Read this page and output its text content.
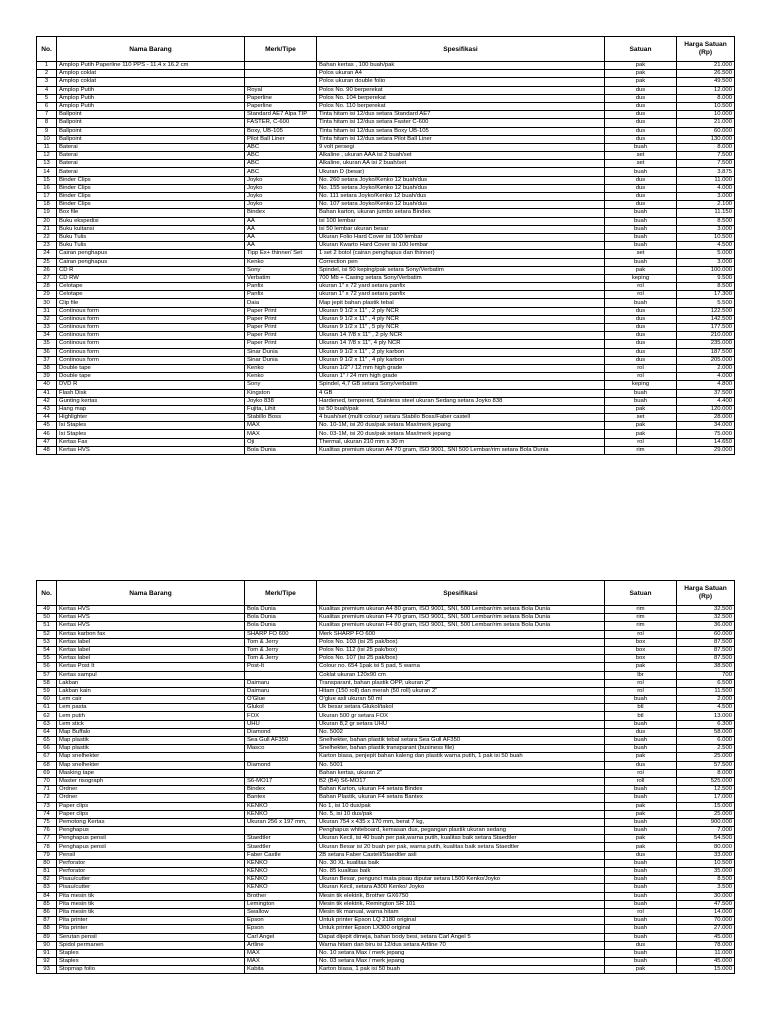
No.	Nama Barang	Merk/Tipe	Spesifikasi	Satuan	Harga Satuan (Rp)
1	Amplop Putih Paperline 110 PPS - 11.4 x 16.2 cm		Bahan kertas , 100 buah/pak	pak	21.000
2	Amplop coklat		Polos ukuran A4	pak	26.500
3	Amplop coklat		Polos ukuran double folio	pak	49.500
4	Amplop Putih	Royal	Polos No. 90 berperekat	dus	12.000
5	Amplop Putih	Paperline	Polos No. 104 berperekat	dus	8.000
6	Amplop Putih	Paperline	Polos No. 110 berperekat	dus	10.500
7	Ballpoint	Standard AE7 Alpa TIP	Tinta hitam isi 12/dus setara Standard AE7	dus	10.000
8	Ballpoint	FASTER, C-600	Tinta hitam isi 12/dus setara Faster C-600	dus	21.000
9	Ballpoint	Boxy, UB-105	Tinta hitam isi 12/dus setara Boxy UB-105	dus	60.000
10	Ballpoint	Pilot Ball Liner	Tinta hitam isi 12/dus setara Pilot Ball Liner	dus	130.000
11	Baterai	ABC	9 volt persegi	buah	8.000
12	Baterai	ABC	Alkaline , ukuran AAA isi 2 buah/set	set	7.500
13	Baterai	ABC	Alkaline, ukuran AA isi 2 buah/set	set	7.500
14	Baterai	ABC	Ukuran D (besar)	buah	3.875
15	Binder Clips	Joyko	No. 260 setara Joyko/Kenko 12 buah/dus	dus	11.000
16	Binder Clips	Joyko	No. 155 setara Joyko/Kenko 12 buah/dus	dus	4.000
17	Binder Clips	Joyko	No. 111 setara Joyko/Kenko 12 buah/dus	dus	3.000
18	Binder Clips	Joyko	No. 107 setara Joyko/Kenko 12 buah/dus	dus	2.100
19	Box file	Bindex	Bahan karton, ukuran jumbo setara Bindex	buah	11.150
20	Buku ekspedisi	AA	isi 100 lembar	buah	8.500
21	Buku kuitansi	AA	isi 50 lembar ukuran besar	buah	3.000
22	Buku Tulis	AA	Ukuran Folio Hard Cover isi 100 lembar	buah	10.500
23	Buku Tulis	AA	Ukuran Kwarto Hard Cover isi 100 lembar	buah	4.500
24	Cairan penghapus	Tipp Ex+ thinner/ Set	1 set 2 botol (cairan penghapus dan thinner)	set	5.000
25	Cairan penghapus	Kenko	Correction pen	buah	3.000
26	CD R	Sony	Spindel, isi 50 keping/pak setara Sony/Verbatim	pak	100.000
27	CD RW	Verbatim	700 Mb + Casing setara Sony/Verbatim	keping	9.500
28	Celotape	Panfix	ukuran 1" x 72 yard setara panfix	rol	8.500
29	Celotape	Panfix	ukuran 1" x 72 yard setara panfix	rol	17.300
30	Clip file	Daia	Map jepit bahan plastik tebal	buah	5.500
31	Continous form	Paper Print	Ukuran 9 1/2 x 11" , 2 ply NCR	dus	122.500
32	Continous form	Paper Print	Ukuran 9 1/2 x 11" , 4 ply NCR	dus	142.500
33	Continous form	Paper Print	Ukuran 9 1/2 x 11" , 5 ply NCR	dus	177.500
34	Continous form	Paper Print	Ukuran 14 7/8 x 11" , 2 ply NCR	dus	210.000
35	Continous form	Paper Print	Ukuran 14 7/8 x 11", 4 ply NCR	dus	235.000
36	Continous form	Sinar Dunia	Ukuran 9 1/2 x 11" , 2 ply karbon	dus	187.500
37	Continous form	Sinar Dunia	Ukuran 9 1/2 x 11" , 4 ply karbon	dus	205.000
38	Double tape	Kenko	Ukuran 1/2" / 12 mm high grade	rol	2.000
39	Double tape	Kenko	Ukuran 1" / 24 mm high grade	rol	4.000
40	DVD R	Sony	Spindel, 4,7 GB setara Sony/verbatim	keping	4.800
41	Flash Disk	Kingston	4 GB	buah	37.500
42	Gunting kertas	Joyko 838	Hardened, tempered, Stainless steel ukuran Sedang setara Joyko 838	buah	4.400
43	Hang map	Fujita, Lihit	isi 50 buah/pak	pak	120.000
44	Highlighter	Stabillo Boss	4 buah/set (multi colour) setara Stabilo Boss/Faber castell	set	28.000
45	Isi Staples	MAX	No. 10-1M, isi 20 dus/pak setara Max/merk jepang	pak	34.000
46	Isi Staples	MAX	No. 03-1M, isi 20 dus/pak setara Max/merk jepang	pak	75.000
47	Kertas Fax	Oji	Thermal, ukuran 210 mm x 30 m	rol	14.650
48	Kertas HVS	Bola Dunia	Kualitas premium ukuran A4 70 gram, ISO 9001, SNI 500 Lembar/rim setara Bola Dunia	rim	29.000
No.	Nama Barang	Merk/Tipe	Spesifikasi	Satuan	Harga Satuan (Rp)
49	Kertas HVS	Bola Dunia	Kualitas premium ukuran A4 80 gram, ISO 9001, SNI, 500 Lembar/rim setara Bola Dunia	rim	32.500
50	Kertas HVS	Bola Dunia	Kualitas premium ukuran F4 70 gram, ISO 9001, SNI, 500 Lembar/rim setara Bola Dunia	rim	32.500
51	Kertas HVS	Bola Dunia	Kualitas premium ukuran F4 80 gram, ISO 9001, SNI, 500 Lembar/rim setara Bola Dunia	rim	36.000
52	Kertas karbon fax	SHARP FO 600	Merk SHARP FO 600	rol	60.000
53	Kertas label	Tom & Jerry	Polos No. 103 (isi 25 pak/box)	box	87.500
54	Kertas label	Tom & Jerry	Polos No. 112 (isi 25 pak/box)	box	87.500
55	Kertas label	Tom & Jerry	Polos No. 107 (isi 25 pak/box)	box	87.500
56	Kertas Post It	Post-It	Colour no. 654 1pak isi 5 pad, 5 warna	pak	38.500
57	Kertas sampul		Coklat ukuran 120x90 cm	lbr	700
58	Lakban	Daimaru	Transparant, bahan plastik OPP, ukuran 2"	rol	6.500
59	Lakban kain	Daimaru	Hitam (150 roll) dan merah (50 roll) ukuran 2"	rol	11.500
60	Lem cair	O'Glue	O'glue asli ukuran 50 ml	buah	2.000
61	Lem pasta	Glukol	Uk besar setara Glukol/takol	btl	4.500
62	Lem putih	FOX	Ukuran 500 gr setara FOX	btl	13.000
63	Lem stick	UHU	Ukuran 8,2 gr setara UHU	buah	6.300
64	Map Buffalo	Diamond	No. 5002	dus	58.000
65	Map plastik	Sea Gull AF350	Snelhekter, bahan plastik tebal setara Sea Gull AF350	buah	6.000
66	Map plastik	Masco	Snelhekter, bahan plastik transparant (business file)	buah	2.500
67	Map snelhekter		Karton biasa, penjepit bahan kaleng dan plastik warna putih, 1 pak isi 50 buah	pak	25.000
68	Map snelhekter	Diamond	No. 5001	dus	57.500
69	Masking tape		Bahan kertas, ukuran 2"	rol	8.000
70	Master risograph	S6-MO17	B2 (B4) S6-MO17	roll	525.000
71	Ordner	Bindex	Bahan Karton, ukuran F4 setara Bindex	buah	12.500
72	Ordner	Bantex	Bahan Plastik, ukuran F4 setara Bantex	buah	17.000
73	Paper clips	KENKO	No 1, isi 10 dus/pak	pak	15.000
74	Paper clips	KENKO	No. 5, isi 10 dus/pak	pak	25.000
75	Pemotong Kertas	Ukuran 256 x 197 mm,	Ukuran 754 x 435 x 170 mm, berat 7 kg,	buah	900.000
76	Penghapus		Penghapus whiteboard, kemasan dus, pegangan plastik ukuran sedang	buah	7.000
77	Penghapus pensil	Staedtler	Ukuran Kecil, isi 40 buah per pak,warna putih, kualitas baik setara Staedtler	pak	54.500
78	Penghapus pensil	Staedtler	Ukuran Besar isi 20 buah per pak, warna putih, kualitas baik setara Staedtler	pak	80.000
79	Pensil	Faber Castle	2B setara Faber Castell/Staedtler asli	dus	33.000
80	Perforator	KENKO	No. 30 XL kualitas baik	buah	10.500
81	Perforator	KENKO	No. 85 kualitas baik	buah	35.000
82	Pisau/cutter	KENKO	Ukuran Besar, pengunci mata pisau diputar setara L500 Kenko/Joyko	buah	8.500
83	Pisau/cutter	KENKO	Ukuran Kecil, setara A300 Kenko/ Joyko	buah	3.500
84	Pita mesin tik	Brother	Mesin tik elektrik, Brother GX6750	buah	30.000
85	Pita mesin tik	Lemington	Mesin tik elektrik, Remington SR 101	buah	47.500
86	Pita mesin tik	Swallow	Mesin tik manual, warna hitam	rol	14.000
87	Pita printer	Epson	Untuk printer Epson LQ 2180 original	buah	70.000
88	Pita printer	Epson	Untuk printer Epson LX300 original	buah	27.000
89	Serutan pensil	Carl Angel	Dapat dijepit dimeja, bahan body besi, setara Carl Angel 5	buah	45.000
90	Spidol permanen	Artline	Warna hitam dan biru isi 12/dus setara Artline 70	dus	78.000
91	Staples	MAX	No. 10 setara Max / merk jepang	buah	11.000
92	Staples	MAX	No. 03 setara Max / merk jepang	buah	45.000
93	Stopmap folio	Kabita	Karton biasa, 1 pak isi 50 buah	pak	15.000
